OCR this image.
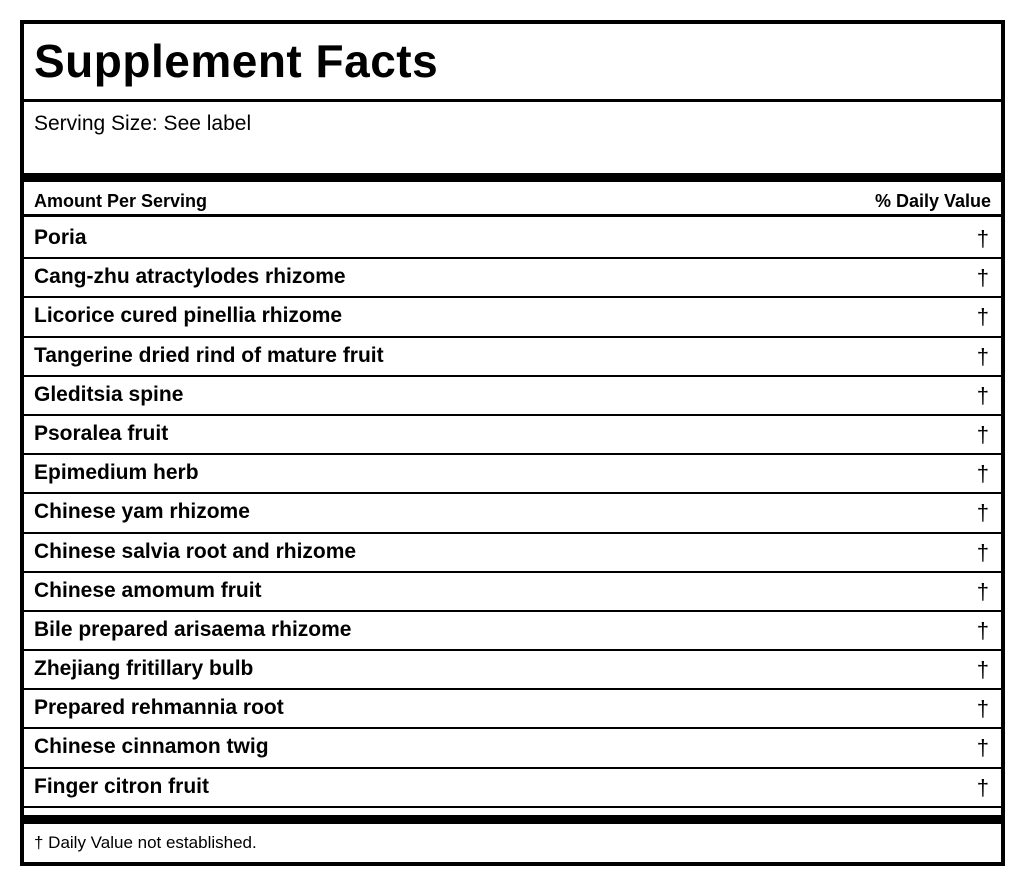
Supplement Facts
Serving Size: See label
Amount Per Serving	% Daily Value
Poria	†
Cang-zhu atractylodes rhizome	†
Licorice cured pinellia rhizome	†
Tangerine dried rind of mature fruit	†
Gleditsia spine	†
Psoralea fruit	†
Epimedium herb	†
Chinese yam rhizome	†
Chinese salvia root and rhizome	†
Chinese amomum fruit	†
Bile prepared arisaema rhizome	†
Zhejiang fritillary bulb	†
Prepared rehmannia root	†
Chinese cinnamon twig	†
Finger citron fruit	†
† Daily Value not established.
